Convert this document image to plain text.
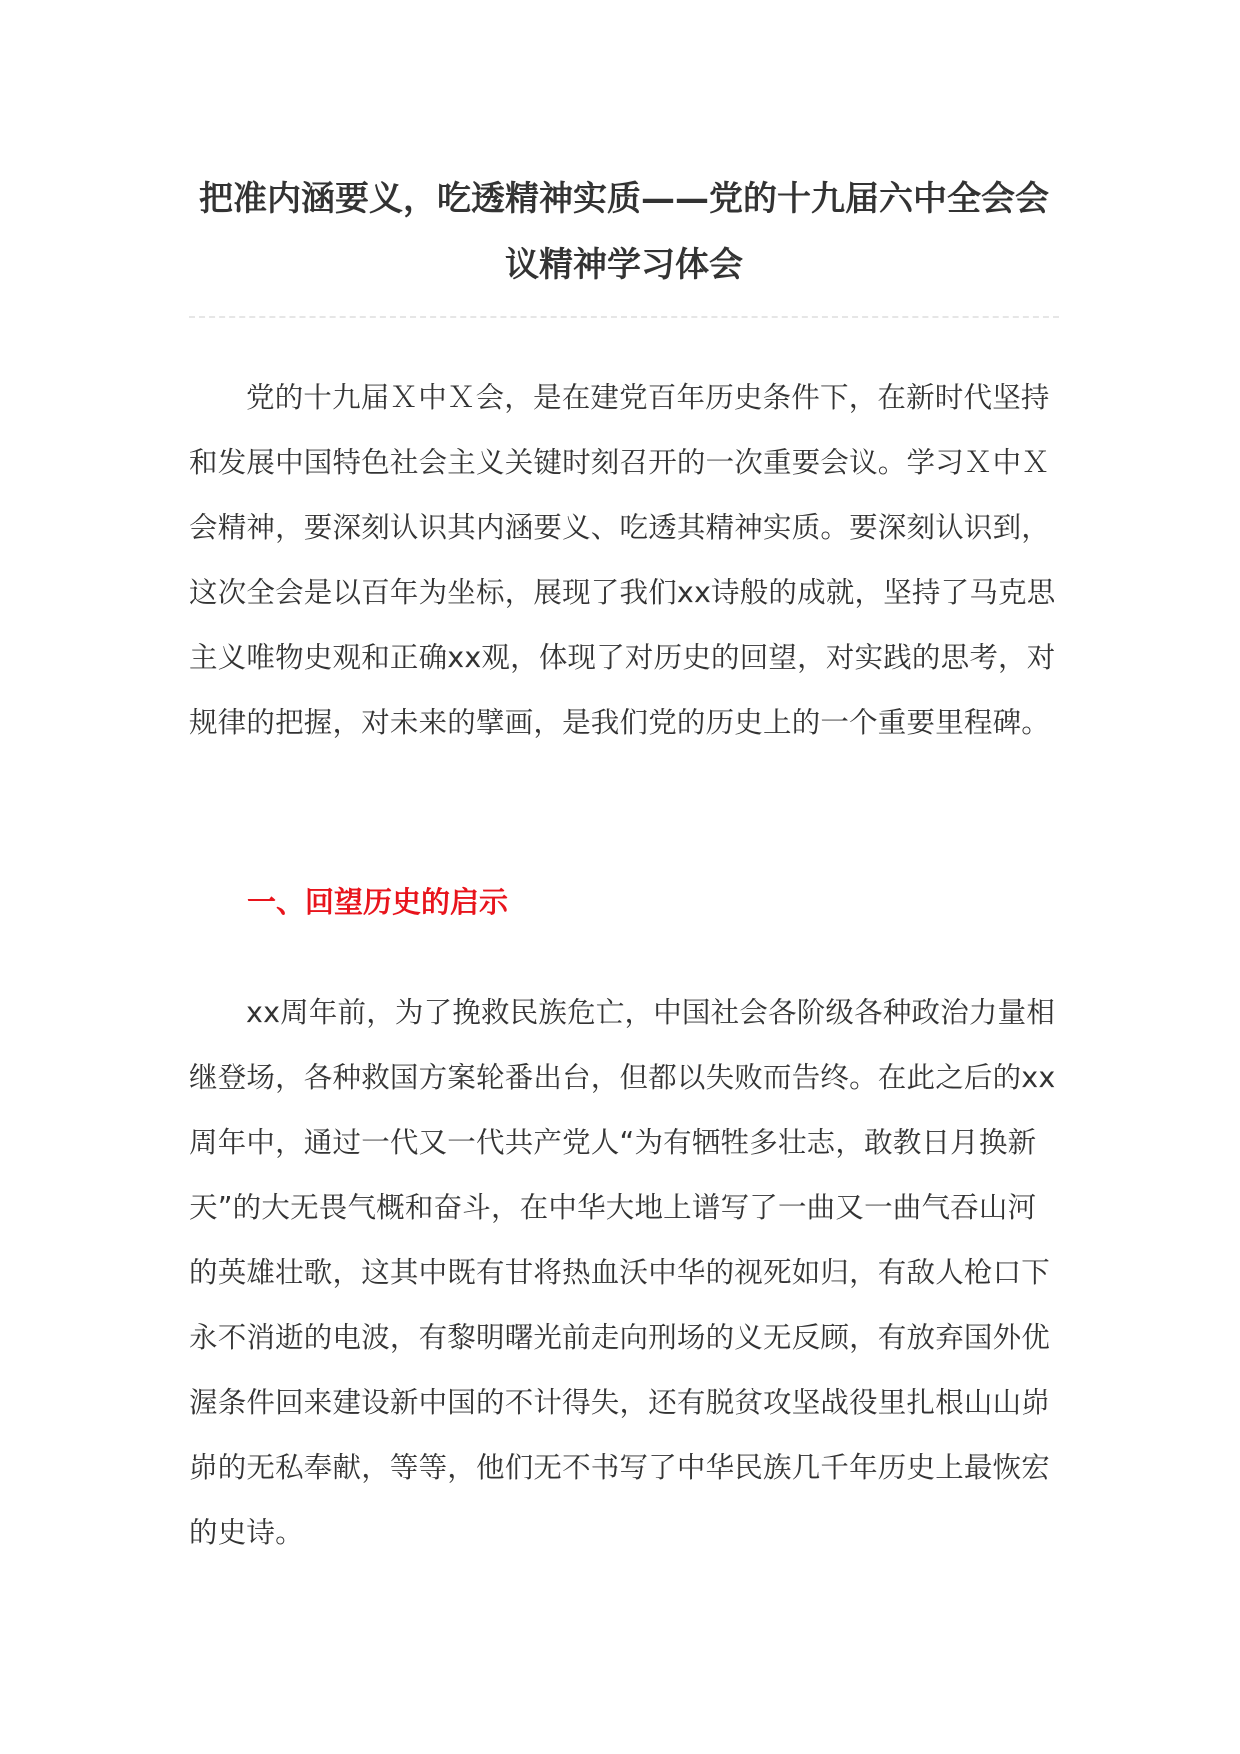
把准内涵要义，吃透精神实质——党的十九届六中全会会议精神学习体会

党的十九届Ｘ中Ｘ会，是在建党百年历史条件下，在新时代坚持和发展中国特色社会主义关键时刻召开的一次重要会议。学习Ｘ中Ｘ会精神，要深刻认识其内涵要义、吃透其精神实质。要深刻认识到，这次全会是以百年为坐标，展现了我们xx诗般的成就，坚持了马克思主义唯物史观和正确xx观，体现了对历史的回望，对实践的思考，对规律的把握，对未来的擘画，是我们党的历史上的一个重要里程碑。

一、回望历史的启示

xx周年前，为了挽救民族危亡，中国社会各阶级各种政治力量相继登场，各种救国方案轮番出台，但都以失败而告终。在此之后的xx周年中，通过一代又一代共产党人“为有牺牲多壮志，敢教日月换新天”的大无畏气概和奋斗，在中华大地上谱写了一曲又一曲气吞山河的英雄壮歌，这其中既有甘将热血沃中华的视死如归，有敌人枪口下永不消逝的电波，有黎明曙光前走向刑场的义无反顾，有放弃国外优渥条件回来建设新中国的不计得失，还有脱贫攻坚战役里扎根山山峁峁的无私奉献，等等，他们无不书写了中华民族几千年历史上最恢宏的史诗。
